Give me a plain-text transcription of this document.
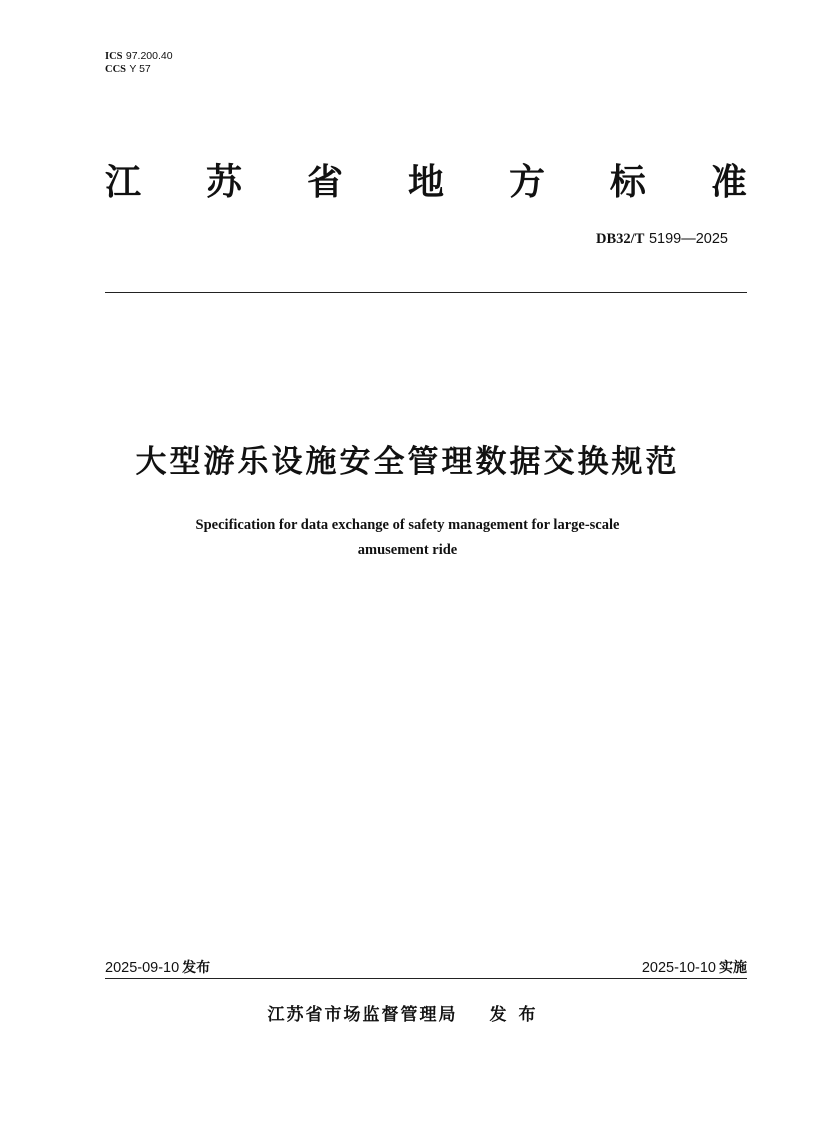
ICS 97.200.40
CCS Y 57
江 苏 省 地 方 标 准
DB32/T 5199—2025
大型游乐设施安全管理数据交换规范
Specification for data exchange of safety management for large-scale
amusement ride
2025-09-10 发布	2025-10-10 实施
江苏省市场监督管理局 发布
